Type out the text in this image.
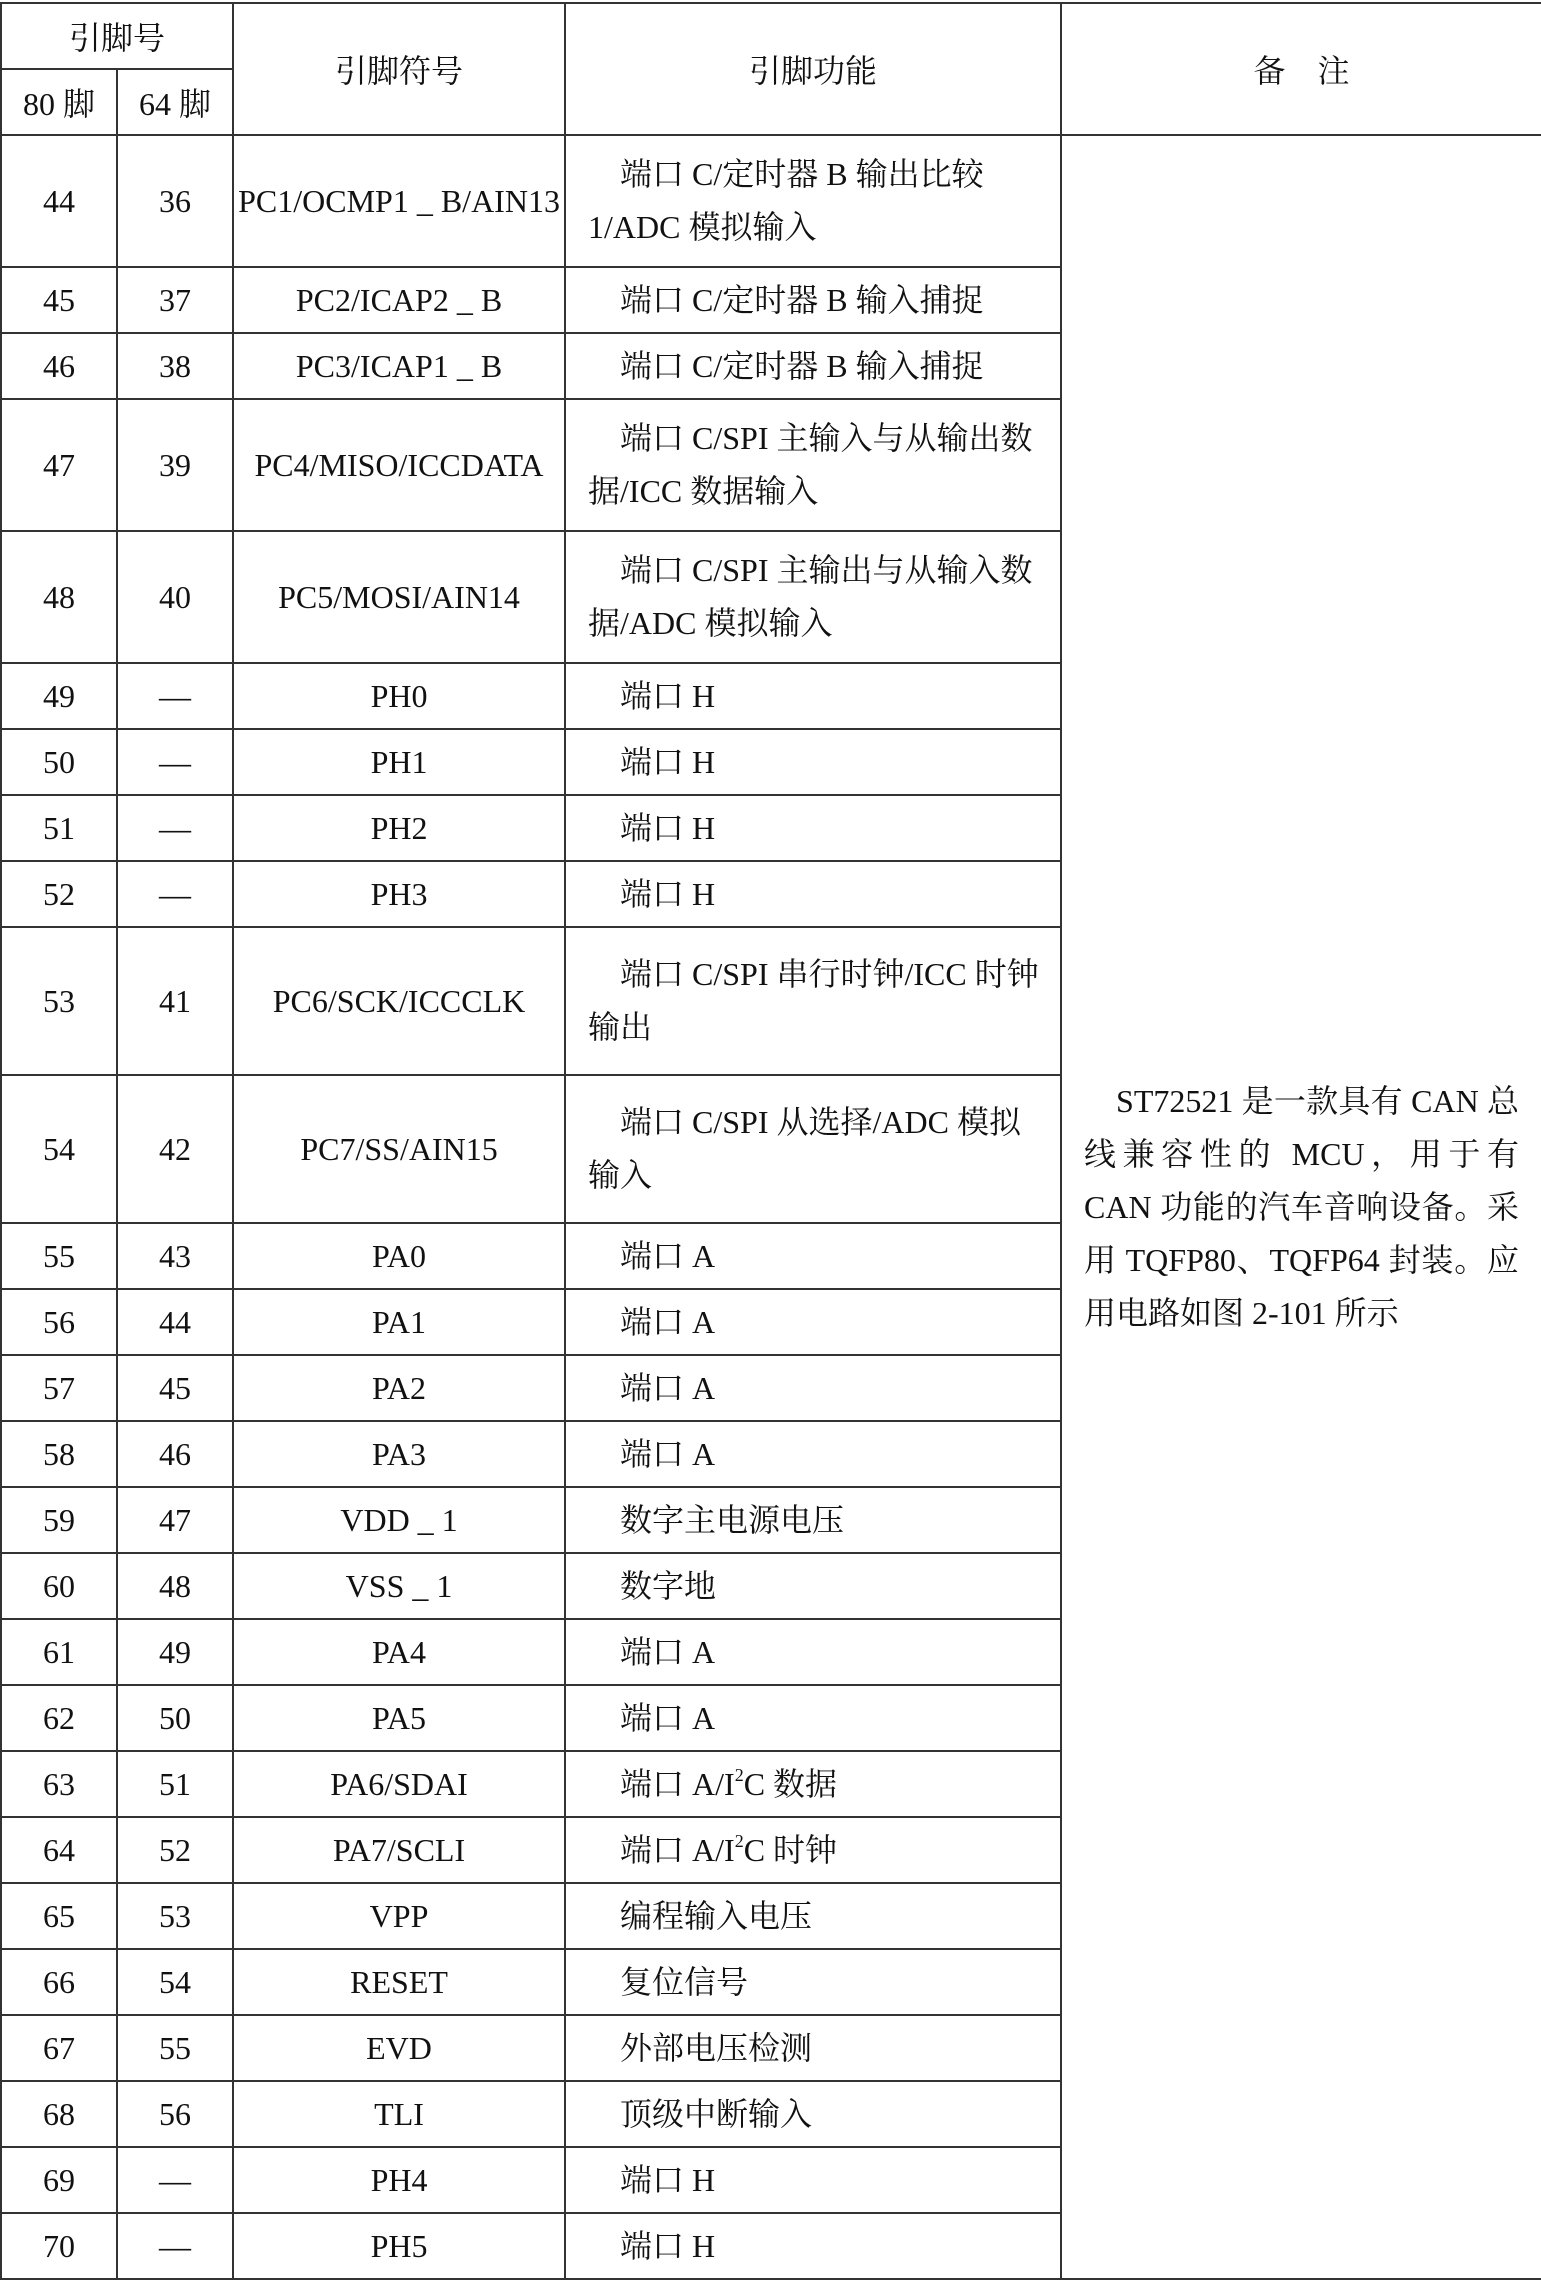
引脚号		引脚符号	引脚功能	备　注
80 脚	64 脚			
44	36	PC1/OCMP1 _ B/AIN13	端口 C/定时器 B 输出比较 1/ADC 模拟输入	ST72521 是一款具有 CAN 总线兼容性的 MCU，用于有 CAN 功能的汽车音响设备。采用 TQFP80、TQFP64 封装。应用电路如图 2-101 所示

45	37	PC2/ICAP2 _ B	端口 C/定时器 B 输入捕捉	
46	38	PC3/ICAP1 _ B	端口 C/定时器 B 输入捕捉	
47	39	PC4/MISO/ICCDATA	端口 C/SPI 主输入与从输出数据/ICC 数据输入	
48	40	PC5/MOSI/AIN14	端口 C/SPI 主输出与从输入数据/ADC 模拟输入	
49	—	PH0	端口 H	
50	—	PH1	端口 H	
51	—	PH2	端口 H	
52	—	PH3	端口 H	
53	41	PC6/SCK/ICCCLK	端口 C/SPI 串行时钟/ICC 时钟输出	
54	42	PC7/SS/AIN15	端口 C/SPI 从选择/ADC 模拟输入	
55	43	PA0	端口 A	
56	44	PA1	端口 A	
57	45	PA2	端口 A	
58	46	PA3	端口 A	
59	47	VDD _ 1	数字主电源电压	
60	48	VSS _ 1	数字地	
61	49	PA4	端口 A	
62	50	PA5	端口 A	
63	51	PA6/SDAI	端口 $A/I^2C$ 数据	
64	52	PA7/SCLI	端口 $A/I^2C$ 时钟	
65	53	VPP	编程输入电压	
66	54	RESET	复位信号	
67	55	EVD	外部电压检测	
68	56	TLI	顶级中断输入	
69	—	PH4	端口 H	
70	—	PH5	端口 H	
